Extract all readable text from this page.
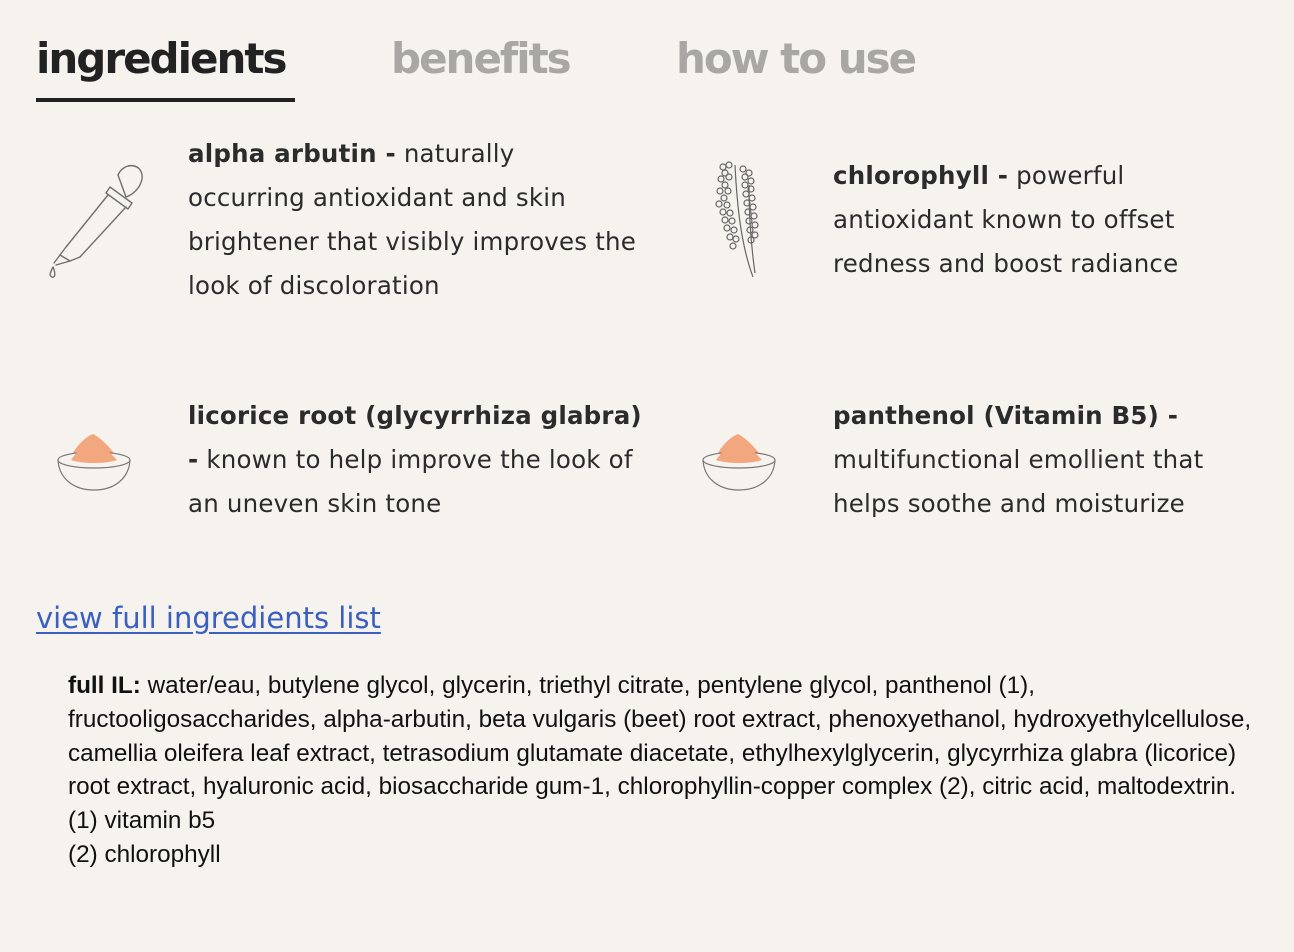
ingredients	benefits	how to use
alpha arbutin - naturally occurring antioxidant and skin brightener that visibly improves the look of discoloration
chlorophyll - powerful antioxidant known to offset redness and boost radiance
licorice root (glycyrrhiza glabra) - known to help improve the look of an uneven skin tone
panthenol (Vitamin B5) - multifunctional emollient that helps soothe and moisturize
view full ingredients list
full IL: water/eau, butylene glycol, glycerin, triethyl citrate, pentylene glycol, panthenol (1), fructooligosaccharides, alpha-arbutin, beta vulgaris (beet) root extract, phenoxyethanol, hydroxyethylcellulose, camellia oleifera leaf extract, tetrasodium glutamate diacetate, ethylhexylglycerin, glycyrrhiza glabra (licorice) root extract, hyaluronic acid, biosaccharide gum-1, chlorophyllin-copper complex (2), citric acid, maltodextrin.
(1) vitamin b5
(2) chlorophyll
